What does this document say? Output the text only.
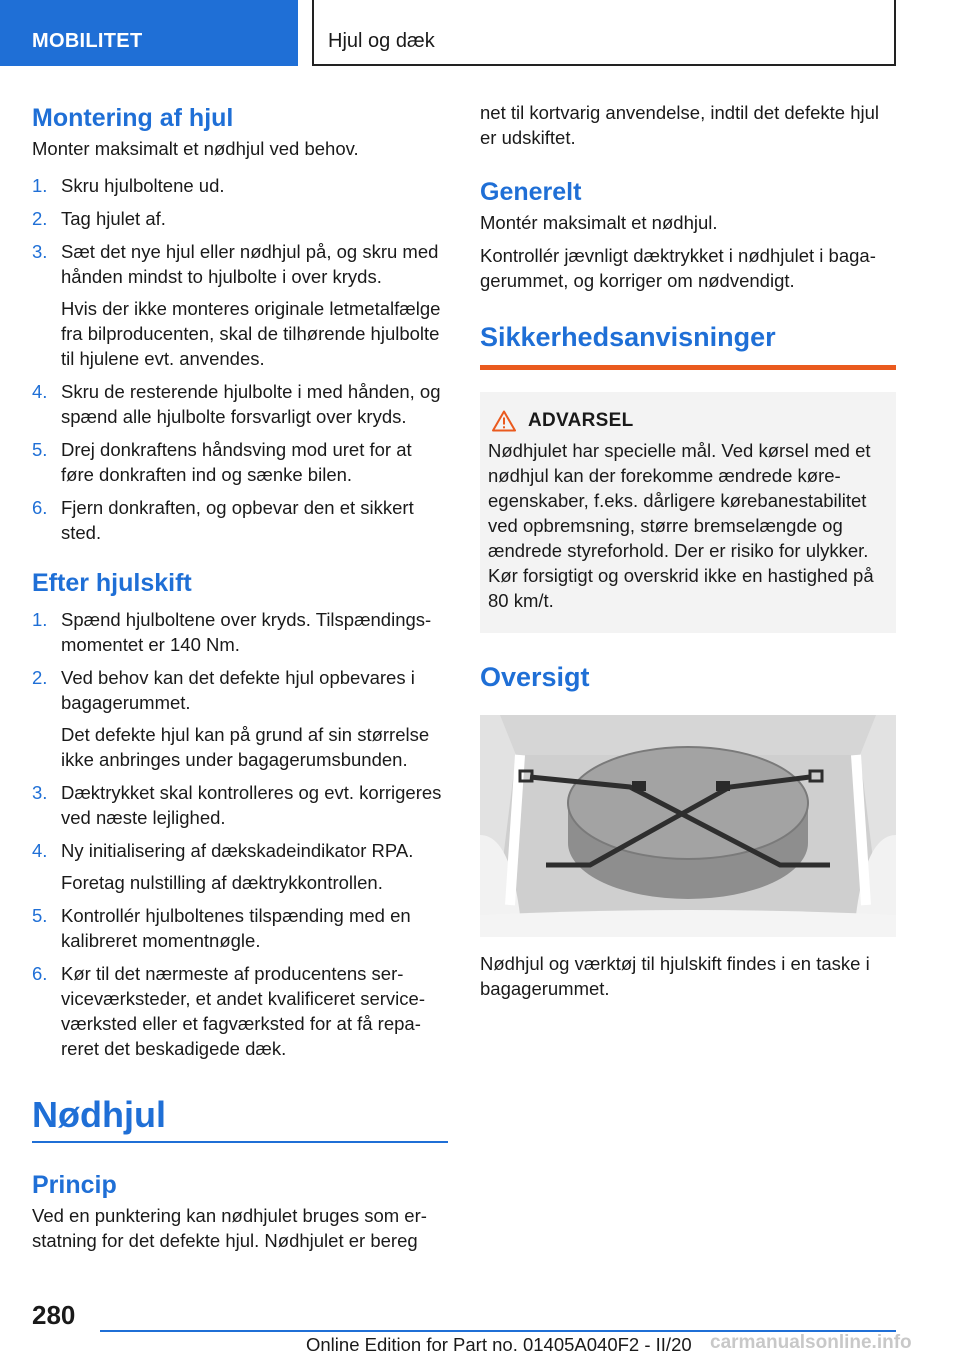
MOBILITET	Hjul og dæk
Montering af hjul

Monter maksimalt et nødhjul ved behov.

1. Skru hjulboltene ud.
2. Tag hjulet af.
3. Sæt det nye hjul eller nødhjul på, og skru med hånden mindst to hjulbolte i over kryds.
Hvis der ikke monteres originale letmetalfælge fra bilproducenten, skal de tilhørende hjulbolte til hjulene evt. anvendes.
4. Skru de resterende hjulbolte i med hånden, og spænd alle hjulbolte forsvarligt over kryds.
5. Drej donkraftens håndsving mod uret for at føre donkraften ind og sænke bilen.
6. Fjern donkraften, og opbevar den et sikkert sted.
Efter hjulskift
1. Spænd hjulboltene over kryds. Tilspændingsmomentet er 140 Nm.
2. Ved behov kan det defekte hjul opbevares i bagagerummet.
Det defekte hjul kan på grund af sin størrelse ikke anbringes under bagagerumsbunden.
3. Dæktrykket skal kontrolleres og evt. korrigeres ved næste lejlighed.
4. Ny initialisering af dækskadeindikator RPA.
Foretag nulstilling af dæktrykkontrollen.
5. Kontrollér hjulboltenes tilspænding med en kalibreret momentnøgle.
6. Kør til det nærmeste af producentens serviceværksteder, et andet kvalificeret serviceværksted eller et fagværksted for at få repareret det beskadigede dæk.
Nødhjul
Princip

Ved en punktering kan nødhjulet bruges som erstatning for det defekte hjul. Nødhjulet er bereg

net til kortvarig anvendelse, indtil det defekte hjul er udskiftet.

Generelt

Montér maksimalt et nødhjul.

Kontrollér jævnligt dæktrykket i nødhjulet i bagagerummet, og korriger om nødvendigt.

Sikkerhedsanvisninger
ADVARSEL

Nødhjulet har specielle mål. Ved kørsel med et nødhjul kan der forekomme ændrede køreegenskaber, f.eks. dårligere kørebanestabilitet ved opbremsning, større bremselængde og ændrede styreforhold. Der er risiko for ulykker. Kør forsigtigt og overskrid ikke en hastighed på 80 km/t.

Oversigt

Nødhjul og værktøj til hjulskift findes i en taske i bagagerummet.

280
Online Edition for Part no. 01405A040F2 - II/20 carmanualsonline.info
